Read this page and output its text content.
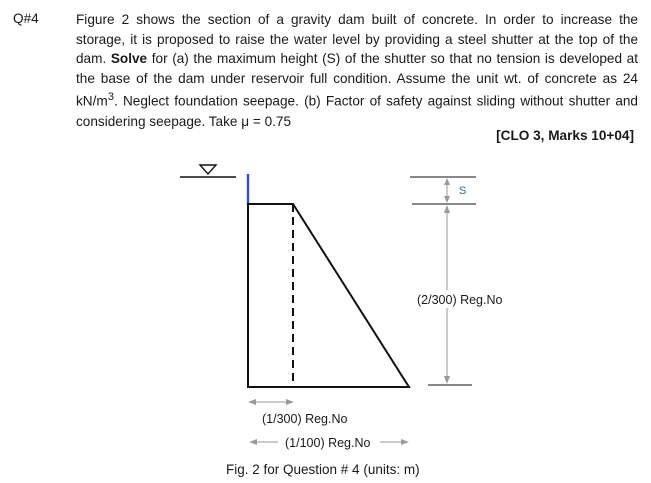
Q#4	Figure 2 shows the section of a gravity dam built of concrete. In order to increase the storage, it is proposed to raise the water level by providing a steel shutter at the top of the dam. Solve for (a) the maximum height (S) of the shutter so that no tension is developed at the base of the dam under reservoir full condition. Assume the unit wt. of concrete as 24 $kN/m^3$. Neglect foundation seepage. (b) Factor of safety against sliding without shutter and considering seepage. Take μ = 0.75
[CLO 3, Marks 10+04]
S
(2/300) Reg.No
(1/300) Reg.No
(1/100) Reg.No
Fig. 2 for Question # 4 (units: m)
